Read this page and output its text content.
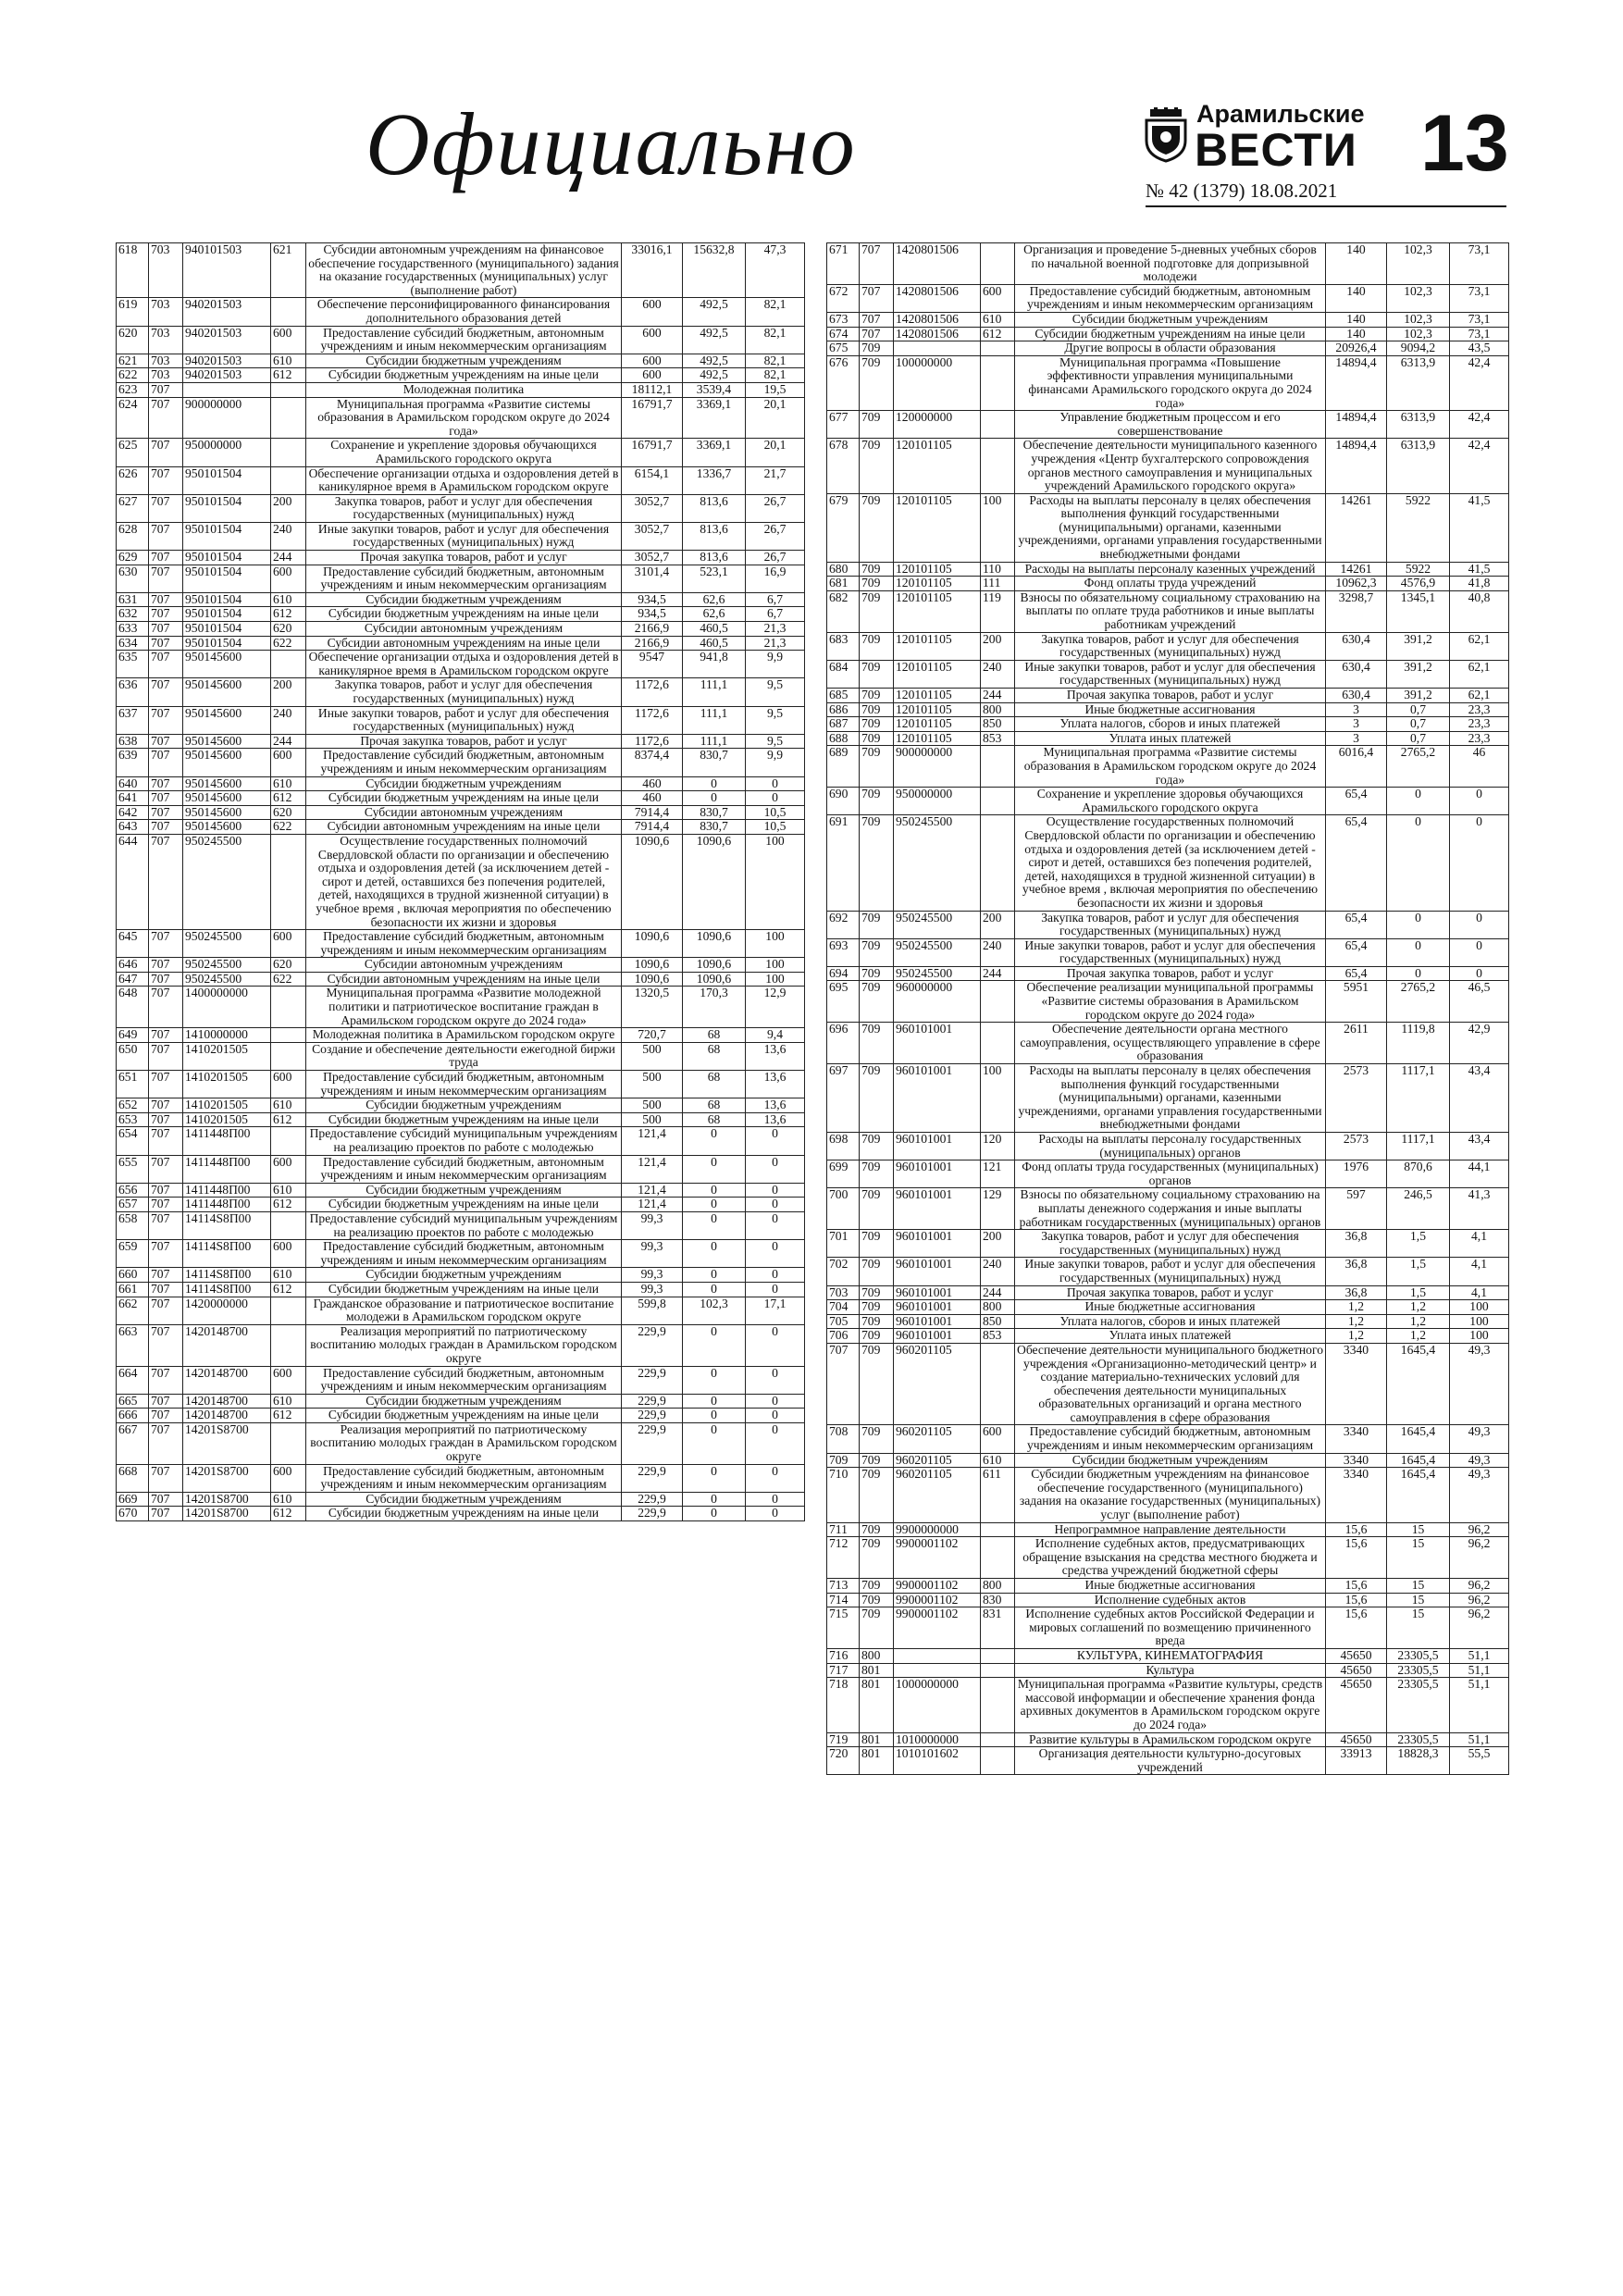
Официально	Арамильские
ВЕСТИ 13
№ 42 (1379) 18.08.2021
618	703	940101503	621	Субсидии автономным учреждениям на финансовое обеспечение государственного (муниципального) задания на оказание государственных (муниципальных) услуг (выполнение работ)	33016,1	15632,8	47,3
619	703	940201503		Обеспечение персонифицированного финансирования дополнительного образования детей	600	492,5	82,1
620	703	940201503	600	Предоставление субсидий бюджетным, автономным учреждениям и иным некоммерческим организациям	600	492,5	82,1
621	703	940201503	610	Субсидии бюджетным учреждениям	600	492,5	82,1
622	703	940201503	612	Субсидии бюджетным учреждениям на иные цели	600	492,5	82,1
623	707			Молодежная политика	18112,1	3539,4	19,5
624	707	900000000		Муниципальная программа «Развитие системы образования в Арамильском городском округе до 2024 года»	16791,7	3369,1	20,1
625	707	950000000		Сохранение и укрепление здоровья обучающихся Арамильского городского округа	16791,7	3369,1	20,1
626	707	950101504		Обеспечение организации отдыха и оздоровления детей в каникулярное время в Арамильском городском округе	6154,1	1336,7	21,7
627	707	950101504	200	Закупка товаров, работ и услуг для обеспечения государственных (муниципальных) нужд	3052,7	813,6	26,7
628	707	950101504	240	Иные закупки товаров, работ и услуг для обеспечения государственных (муниципальных) нужд	3052,7	813,6	26,7
629	707	950101504	244	Прочая закупка товаров, работ и услуг	3052,7	813,6	26,7
630	707	950101504	600	Предоставление субсидий бюджетным, автономным учреждениям и иным некоммерческим организациям	3101,4	523,1	16,9
631	707	950101504	610	Субсидии бюджетным учреждениям	934,5	62,6	6,7
632	707	950101504	612	Субсидии бюджетным учреждениям на иные цели	934,5	62,6	6,7
633	707	950101504	620	Субсидии автономным учреждениям	2166,9	460,5	21,3
634	707	950101504	622	Субсидии автономным учреждениям на иные цели	2166,9	460,5	21,3
635	707	950145600		Обеспечение организации отдыха и оздоровления детей в каникулярное время в Арамильском городском округе	9547	941,8	9,9
636	707	950145600	200	Закупка товаров, работ и услуг для обеспечения государственных (муниципальных) нужд	1172,6	111,1	9,5
637	707	950145600	240	Иные закупки товаров, работ и услуг для обеспечения государственных (муниципальных) нужд	1172,6	111,1	9,5
638	707	950145600	244	Прочая закупка товаров, работ и услуг	1172,6	111,1	9,5
639	707	950145600	600	Предоставление субсидий бюджетным, автономным учреждениям и иным некоммерческим организациям	8374,4	830,7	9,9
640	707	950145600	610	Субсидии бюджетным учреждениям	460	0	0
641	707	950145600	612	Субсидии бюджетным учреждениям на иные цели	460	0	0
642	707	950145600	620	Субсидии автономным учреждениям	7914,4	830,7	10,5
643	707	950145600	622	Субсидии автономным учреждениям на иные цели	7914,4	830,7	10,5
644	707	950245500		Осуществление государственных полномочий Свердловской области по организации и обеспечению отдыха и оздоровления детей (за исключением детей - сирот и детей, оставшихся без попечения родителей, детей, находящихся в трудной жизненной ситуации) в учебное время , включая мероприятия по обеспечению безопасности их жизни и здоровья	1090,6	1090,6	100
645	707	950245500	600	Предоставление субсидий бюджетным, автономным учреждениям и иным некоммерческим организациям	1090,6	1090,6	100
646	707	950245500	620	Субсидии автономным учреждениям	1090,6	1090,6	100
647	707	950245500	622	Субсидии автономным учреждениям на иные цели	1090,6	1090,6	100
648	707	1400000000		Муниципальная программа «Развитие молодежной политики и патриотическое воспитание граждан в Арамильском городском округе до 2024 года»	1320,5	170,3	12,9
649	707	1410000000		Молодежная политика в Арамильском городском округе	720,7	68	9,4
650	707	1410201505		Создание и обеспечение деятельности ежегодной биржи труда	500	68	13,6
651	707	1410201505	600	Предоставление субсидий бюджетным, автономным учреждениям и иным некоммерческим организациям	500	68	13,6
652	707	1410201505	610	Субсидии бюджетным учреждениям	500	68	13,6
653	707	1410201505	612	Субсидии бюджетным учреждениям на иные цели	500	68	13,6
654	707	1411448П00		Предоставление субсидий муниципальным учреждениям на реализацию проектов по работе с молодежью	121,4	0	0
655	707	1411448П00	600	Предоставление субсидий бюджетным, автономным учреждениям и иным некоммерческим организациям	121,4	0	0
656	707	1411448П00	610	Субсидии бюджетным учреждениям	121,4	0	0
657	707	1411448П00	612	Субсидии бюджетным учреждениям на иные цели	121,4	0	0
658	707	14114S8П00		Предоставление субсидий муниципальным учреждениям на реализацию проектов по работе с молодежью	99,3	0	0
659	707	14114S8П00	600	Предоставление субсидий бюджетным, автономным учреждениям и иным некоммерческим организациям	99,3	0	0
660	707	14114S8П00	610	Субсидии бюджетным учреждениям	99,3	0	0
661	707	14114S8П00	612	Субсидии бюджетным учреждениям на иные цели	99,3	0	0
662	707	1420000000		Гражданское образование и патриотическое воспитание молодежи в Арамильском городском округе	599,8	102,3	17,1
663	707	1420148700		Реализация мероприятий по патриотическому воспитанию молодых граждан в Арамильском городском округе	229,9	0	0
664	707	1420148700	600	Предоставление субсидий бюджетным, автономным учреждениям и иным некоммерческим организациям	229,9	0	0
665	707	1420148700	610	Субсидии бюджетным учреждениям	229,9	0	0
666	707	1420148700	612	Субсидии бюджетным учреждениям на иные цели	229,9	0	0
667	707	14201S8700		Реализация мероприятий по патриотическому воспитанию молодых граждан в Арамильском городском округе	229,9	0	0
668	707	14201S8700	600	Предоставление субсидий бюджетным, автономным учреждениям и иным некоммерческим организациям	229,9	0	0
669	707	14201S8700	610	Субсидии бюджетным учреждениям	229,9	0	0
670	707	14201S8700	612	Субсидии бюджетным учреждениям на иные цели	229,9	0	0
671	707	1420801506		Организация и проведение 5-дневных учебных сборов по начальной военной подготовке для допризывной молодежи	140	102,3	73,1
672	707	1420801506	600	Предоставление субсидий бюджетным, автономным учреждениям и иным некоммерческим организациям	140	102,3	73,1
673	707	1420801506	610	Субсидии бюджетным учреждениям	140	102,3	73,1
674	707	1420801506	612	Субсидии бюджетным учреждениям на иные цели	140	102,3	73,1
675	709			Другие вопросы в области образования	20926,4	9094,2	43,5
676	709	100000000		Муниципальная программа «Повышение эффективности управления муниципальными финансами Арамильского городского округа до 2024 года»	14894,4	6313,9	42,4
677	709	120000000		Управление бюджетным процессом и его совершенствование	14894,4	6313,9	42,4
678	709	120101105		Обеспечение деятельности муниципального казенного учреждения «Центр бухгалтерского сопровождения органов местного самоуправления и муниципальных учреждений Арамильского городского округа»	14894,4	6313,9	42,4
679	709	120101105	100	Расходы на выплаты персоналу в целях обеспечения выполнения функций государственными (муниципальными) органами, казенными учреждениями, органами управления государственными внебюджетными фондами	14261	5922	41,5
680	709	120101105	110	Расходы на выплаты персоналу казенных учреждений	14261	5922	41,5
681	709	120101105	111	Фонд оплаты труда учреждений	10962,3	4576,9	41,8
682	709	120101105	119	Взносы по обязательному социальному страхованию на выплаты по оплате труда работников и иные выплаты работникам учреждений	3298,7	1345,1	40,8
683	709	120101105	200	Закупка товаров, работ и услуг для обеспечения государственных (муниципальных) нужд	630,4	391,2	62,1
684	709	120101105	240	Иные закупки товаров, работ и услуг для обеспечения государственных (муниципальных) нужд	630,4	391,2	62,1
685	709	120101105	244	Прочая закупка товаров, работ и услуг	630,4	391,2	62,1
686	709	120101105	800	Иные бюджетные ассигнования	3	0,7	23,3
687	709	120101105	850	Уплата налогов, сборов и иных платежей	3	0,7	23,3
688	709	120101105	853	Уплата иных платежей	3	0,7	23,3
689	709	900000000		Муниципальная программа «Развитие системы образования в Арамильском городском округе до 2024 года»	6016,4	2765,2	46
690	709	950000000		Сохранение и укрепление здоровья обучающихся Арамильского городского округа	65,4	0	0
691	709	950245500		Осуществление государственных полномочий Свердловской области по организации и обеспечению отдыха и оздоровления детей (за исключением детей - сирот и детей, оставшихся без попечения родителей, детей, находящихся в трудной жизненной ситуации) в учебное время , включая мероприятия по обеспечению безопасности их жизни и здоровья	65,4	0	0
692	709	950245500	200	Закупка товаров, работ и услуг для обеспечения государственных (муниципальных) нужд	65,4	0	0
693	709	950245500	240	Иные закупки товаров, работ и услуг для обеспечения государственных (муниципальных) нужд	65,4	0	0
694	709	950245500	244	Прочая закупка товаров, работ и услуг	65,4	0	0
695	709	960000000		Обеспечение реализации муниципальной программы «Развитие системы образования в Арамильском городском округе до 2024 года»	5951	2765,2	46,5
696	709	960101001		Обеспечение деятельности органа местного самоуправления, осуществляющего управление в сфере образования	2611	1119,8	42,9
697	709	960101001	100	Расходы на выплаты персоналу в целях обеспечения выполнения функций государственными (муниципальными) органами, казенными учреждениями, органами управления государственными внебюджетными фондами	2573	1117,1	43,4
698	709	960101001	120	Расходы на выплаты персоналу государственных (муниципальных) органов	2573	1117,1	43,4
699	709	960101001	121	Фонд оплаты труда государственных (муниципальных) органов	1976	870,6	44,1
700	709	960101001	129	Взносы по обязательному социальному страхованию на выплаты денежного содержания и иные выплаты работникам государственных (муниципальных) органов	597	246,5	41,3
701	709	960101001	200	Закупка товаров, работ и услуг для обеспечения государственных (муниципальных) нужд	36,8	1,5	4,1
702	709	960101001	240	Иные закупки товаров, работ и услуг для обеспечения государственных (муниципальных) нужд	36,8	1,5	4,1
703	709	960101001	244	Прочая закупка товаров, работ и услуг	36,8	1,5	4,1
704	709	960101001	800	Иные бюджетные ассигнования	1,2	1,2	100
705	709	960101001	850	Уплата налогов, сборов и иных платежей	1,2	1,2	100
706	709	960101001	853	Уплата иных платежей	1,2	1,2	100
707	709	960201105		Обеспечение деятельности муниципального бюджетного учреждения «Организационно-методический центр» и создание материально-технических условий для обеспечения деятельности муниципальных образовательных организаций и органа местного самоуправления в сфере образования	3340	1645,4	49,3
708	709	960201105	600	Предоставление субсидий бюджетным, автономным учреждениям и иным некоммерческим организациям	3340	1645,4	49,3
709	709	960201105	610	Субсидии бюджетным учреждениям	3340	1645,4	49,3
710	709	960201105	611	Субсидии бюджетным учреждениям на финансовое обеспечение государственного (муниципального) задания на оказание государственных (муниципальных) услуг (выполнение работ)	3340	1645,4	49,3
711	709	9900000000		Непрограммное направление деятельности	15,6	15	96,2
712	709	9900001102		Исполнение судебных актов, предусматривающих обращение взыскания на средства местного бюджета и средства учреждений бюджетной сферы	15,6	15	96,2
713	709	9900001102	800	Иные бюджетные ассигнования	15,6	15	96,2
714	709	9900001102	830	Исполнение судебных актов	15,6	15	96,2
715	709	9900001102	831	Исполнение судебных актов Российской Федерации и мировых соглашений по возмещению причиненного вреда	15,6	15	96,2
716	800			КУЛЬТУРА, КИНЕМАТОГРАФИЯ	45650	23305,5	51,1
717	801			Культура	45650	23305,5	51,1
718	801	1000000000		Муниципальная программа «Развитие культуры, средств массовой информации и обеспечение хранения фонда архивных документов в Арамильском городском округе до 2024 года»	45650	23305,5	51,1
719	801	1010000000		Развитие культуры в Арамильском городском округе	45650	23305,5	51,1
720	801	1010101602		Организация деятельности культурно-досуговых учреждений	33913	18828,3	55,5
